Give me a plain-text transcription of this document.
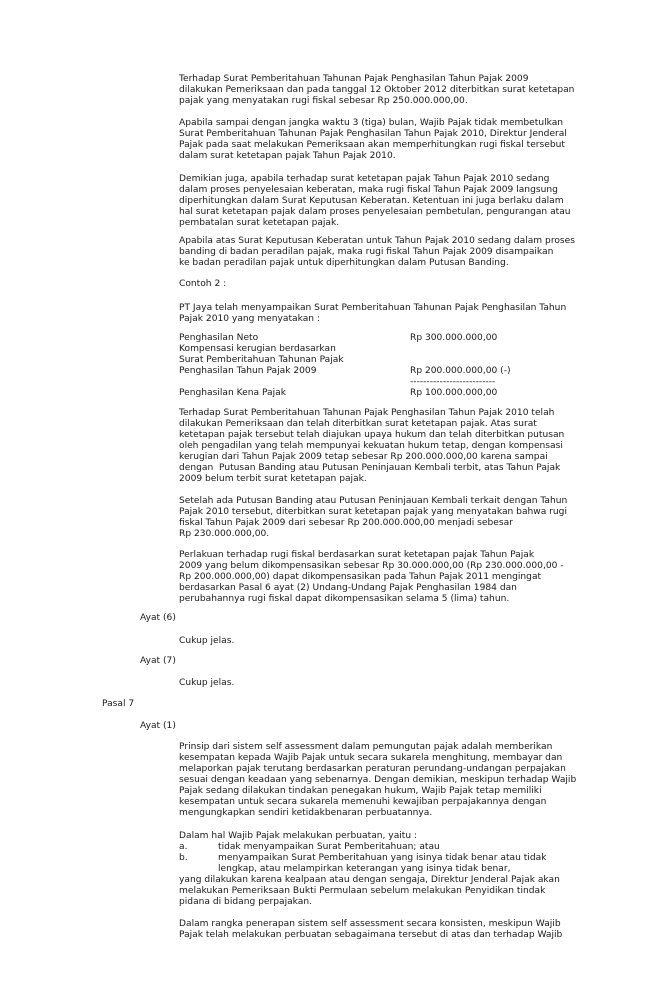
Terhadap Surat Pemberitahuan Tahunan Pajak Penghasilan Tahun Pajak 2009
dilakukan Pemeriksaan dan pada tanggal 12 Oktober 2012 diterbitkan surat ketetapan
pajak yang menyatakan rugi fiskal sebesar Rp 250.000.000,00.

Apabila sampai dengan jangka waktu 3 (tiga) bulan, Wajib Pajak tidak membetulkan
Surat Pemberitahuan Tahunan Pajak Penghasilan Tahun Pajak 2010, Direktur Jenderal
Pajak pada saat melakukan Pemeriksaan akan memperhitungkan rugi fiskal tersebut
dalam surat ketetapan pajak Tahun Pajak 2010.

Demikian juga, apabila terhadap surat ketetapan pajak Tahun Pajak 2010 sedang
dalam proses penyelesaian keberatan, maka rugi fiskal Tahun Pajak 2009 langsung
diperhitungkan dalam Surat Keputusan Keberatan. Ketentuan ini juga berlaku dalam
hal surat ketetapan pajak dalam proses penyelesaian pembetulan, pengurangan atau
pembatalan surat ketetapan pajak.

Apabila atas Surat Keputusan Keberatan untuk Tahun Pajak 2010 sedang dalam proses
banding di badan peradilan pajak, maka rugi fiskal Tahun Pajak 2009 disampaikan
ke badan peradilan pajak untuk diperhitungkan dalam Putusan Banding.

Contoh 2 :

PT Jaya telah menyampaikan Surat Pemberitahuan Tahunan Pajak Penghasilan Tahun
Pajak 2010 yang menyatakan :

Penghasilan Neto	Rp 300.000.000,00

Kompensasi kerugian berdasarkan
Surat Pemberitahuan Tahunan Pajak
Penghasilan Tahun Pajak 2009	Rp 200.000.000,00 (-)

--------------------------

Penghasilan Kena Pajak	Rp 100.000.000,00

Terhadap Surat Pemberitahuan Tahunan Pajak Penghasilan Tahun Pajak 2010 telah
dilakukan Pemeriksaan dan telah diterbitkan surat ketetapan pajak. Atas surat
ketetapan pajak tersebut telah diajukan upaya hukum dan telah diterbitkan putusan
oleh pengadilan yang telah mempunyai kekuatan hukum tetap, dengan kompensasi
kerugian dari Tahun Pajak 2009 tetap sebesar Rp 200.000.000,00 karena sampai
dengan  Putusan Banding atau Putusan Peninjauan Kembali terbit, atas Tahun Pajak
2009 belum terbit surat ketetapan pajak.

Setelah ada Putusan Banding atau Putusan Peninjauan Kembali terkait dengan Tahun
Pajak 2010 tersebut, diterbitkan surat ketetapan pajak yang menyatakan bahwa rugi
fiskal Tahun Pajak 2009 dari sebesar Rp 200.000.000,00 menjadi sebesar
Rp 230.000.000,00.

Perlakuan terhadap rugi fiskal berdasarkan surat ketetapan pajak Tahun Pajak
2009 yang belum dikompensasikan sebesar Rp 30.000.000,00 (Rp 230.000.000,00 -
Rp 200.000.000,00) dapat dikompensasikan pada Tahun Pajak 2011 mengingat
berdasarkan Pasal 6 ayat (2) Undang-Undang Pajak Penghasilan 1984 dan
perubahannya rugi fiskal dapat dikompensasikan selama 5 (lima) tahun.

Ayat (6)

Cukup jelas.

Ayat (7)

Cukup jelas.

Pasal 7

Ayat (1)

Prinsip dari sistem self assessment dalam pemungutan pajak adalah memberikan
kesempatan kepada Wajib Pajak untuk secara sukarela menghitung, membayar dan
melaporkan pajak terutang berdasarkan peraturan perundang-undangan perpajakan
sesuai dengan keadaan yang sebenarnya. Dengan demikian, meskipun terhadap Wajib
Pajak sedang dilakukan tindakan penegakan hukum, Wajib Pajak tetap memiliki
kesempatan untuk secara sukarela memenuhi kewajiban perpajakannya dengan
mengungkapkan sendiri ketidakbenaran perbuatannya.

Dalam hal Wajib Pajak melakukan perbuatan, yaitu :

a.	tidak menyampaikan Surat Pemberitahuan; atau

b.	menyampaikan Surat Pemberitahuan yang isinya tidak benar atau tidak
lengkap, atau melampirkan keterangan yang isinya tidak benar,

yang dilakukan karena kealpaan atau dengan sengaja, Direktur Jenderal Pajak akan
melakukan Pemeriksaan Bukti Permulaan sebelum melakukan Penyidikan tindak
pidana di bidang perpajakan.

Dalam rangka penerapan sistem self assessment secara konsisten, meskipun Wajib
Pajak telah melakukan perbuatan sebagaimana tersebut di atas dan terhadap Wajib
